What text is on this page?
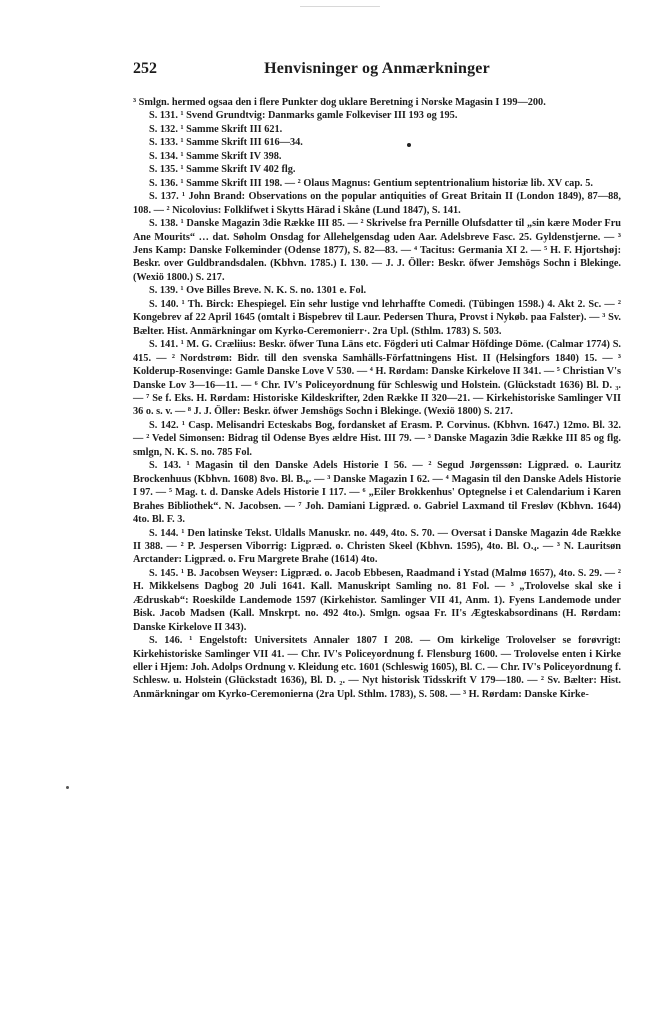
252	Henvisninger og Anmærkninger

³ Smlgn. hermed ogsaa den i flere Punkter dog uklare Beretning i Norske Magasin I 199—200.

S. 131. ¹ Svend Grundtvig: Danmarks gamle Folkeviser III 193 og 195.

S. 132. ¹ Samme Skrift III 621.

S. 133. ¹ Samme Skrift III 616—34.

S. 134. ¹ Samme Skrift IV 398.

S. 135. ¹ Samme Skrift IV 402 flg.

S. 136. ¹ Samme Skrift III 198. — ² Olaus Magnus: Gentium septentrionalium historiæ lib. XV cap. 5.

S. 137. ¹ John Brand: Observations on the popular antiquities of Great Britain II (London 1849), 87—88, 108. — ² Nicolovius: Folklifwet i Skytts Härad i Skåne (Lund 1847), S. 141.

S. 138. ¹ Danske Magazin 3die Række III 85. — ² Skrivelse fra Pernille Olufsdatter til „sin kære Moder Fru Ane Mourits“ … dat. Søholm Onsdag for Allehelgensdag uden Aar. Adelsbreve Fasc. 25. Gyldenstjerne. — ³ Jens Kamp: Danske Folkeminder (Odense 1877), S. 82—83. — ⁴ Tacitus: Germania XI 2. — ⁵ H. F. Hjortshøj: Beskr. over Guldbrandsdalen. (Kbhvn. 1785.) I. 130. — J. J. Öller: Beskr. öfwer Jemshögs Sochn i Blekinge. (Wexiö 1800.) S. 217.

S. 139. ¹ Ove Billes Breve. N. K. S. no. 1301 e. Fol.

S. 140. ¹ Th. Birck: Ehespiegel. Ein sehr lustige vnd lehrhaffte Comedi. (Tübingen 1598.) 4. Akt 2. Sc. — ² Kongebrev af 22 April 1645 (omtalt i Bispebrev til Laur. Pedersen Thura, Provst i Nykøb. paa Falster). — ³ Sv. Bælter. Hist. Anmärkningar om Kyrko-Ceremonierr·. 2ra Upl. (Sthlm. 1783) S. 503.

S. 141. ¹ M. G. Cræliius: Beskr. öfwer Tuna Läns etc. Fögderi uti Calmar Höfdinge Döme. (Calmar 1774) S. 415. — ² Nordstrøm: Bidr. till den svenska Samhälls-Författningens Hist. II (Helsingfors 1840) 15. — ³ Kolderup-Rosenvinge: Gamle Danske Love V 530. — ⁴ H. Rørdam: Danske Kirkelove II 341. — ⁵ Christian V's Danske Lov 3—16—11. — ⁶ Chr. IV's Policeyordnung für Schleswig und Holstein. (Glückstadt 1636) Bl. D. ₃. — ⁷ Se f. Eks. H. Rørdam: Historiske Kildeskrifter, 2den Række II 320—21. — Kirkehistoriske Samlinger VII 36 o. s. v. — ⁸ J. J. Öller: Beskr. öfwer Jemshögs Sochn i Blekinge. (Wexiö 1800) S. 217.

S. 142. ¹ Casp. Melisandri Ecteskabs Bog, fordansket af Erasm. P. Corvinus. (Kbhvn. 1647.) 12mo. Bl. 32. — ² Vedel Simonsen: Bidrag til Odense Byes ældre Hist. III 79. — ³ Danske Magazin 3die Række III 85 og flg. smlgn, N. K. S. no. 785 Fol.

S. 143. ¹ Magasin til den Danske Adels Historie I 56. — ² Segud Jørgenssøn: Ligpræd. o. Lauritz Brockenhuus (Kbhvn. 1608) 8vo. Bl. B.₈. — ³ Danske Magazin I 62. — ⁴ Magasin til den Danske Adels Historie I 97. — ⁵ Mag. t. d. Danske Adels Historie I 117. — ⁶ „Eiler Brokkenhus' Optegnelse i et Calendarium i Karen Brahes Bibliothek“. N. Jacobsen. — ⁷ Joh. Damiani Ligpræd. o. Gabriel Laxmand til Fresløv (Kbhvn. 1644) 4to. Bl. F. 3.

S. 144. ¹ Den latinske Tekst. Uldalls Manuskr. no. 449, 4to. S. 70. — Oversat i Danske Magazin 4de Række II 388. — ² P. Jespersen Viborrig: Ligpræd. o. Christen Skeel (Kbhvn. 1595), 4to. Bl. O.₄. — ³ N. Lauritsøn Arctander: Ligpræd. o. Fru Margrete Brahe (1614) 4to.

S. 145. ¹ B. Jacobsen Weyser: Ligpræd. o. Jacob Ebbesen, Raadmand i Ystad (Malmø 1657), 4to. S. 29. — ² H. Mikkelsens Dagbog 20 Juli 1641. Kall. Manuskript Samling no. 81 Fol. — ³ „Trolovelse skal ske i Ædruskab“: Roeskilde Landemode 1597 (Kirkehistor. Samlinger VII 41, Anm. 1). Fyens Landemode under Bisk. Jacob Madsen (Kall. Mnskrpt. no. 492 4to.). Smlgn. ogsaa Fr. II's Ægteskabsordinans (H. Rørdam: Danske Kirkelove II 343).

S. 146. ¹ Engelstoft: Universitets Annaler 1807 I 208. — Om kirkelige Trolovelser se forøvrigt: Kirkehistoriske Samlinger VII 41. — Chr. IV's Policeyordnung f. Flensburg 1600. — Trolovelse enten i Kirke eller i Hjem: Joh. Adolps Ordnung v. Kleidung etc. 1601 (Schleswig 1605), Bl. C. — Chr. IV's Policeyordnung f. Schlesw. u. Holstein (Glückstadt 1636), Bl. D. ₂. — Nyt historisk Tidsskrift V 179—180. — ² Sv. Bælter: Hist. Anmärkningar om Kyrko-Ceremonierna (2ra Upl. Sthlm. 1783), S. 508. — ³ H. Rørdam: Danske Kirke-
